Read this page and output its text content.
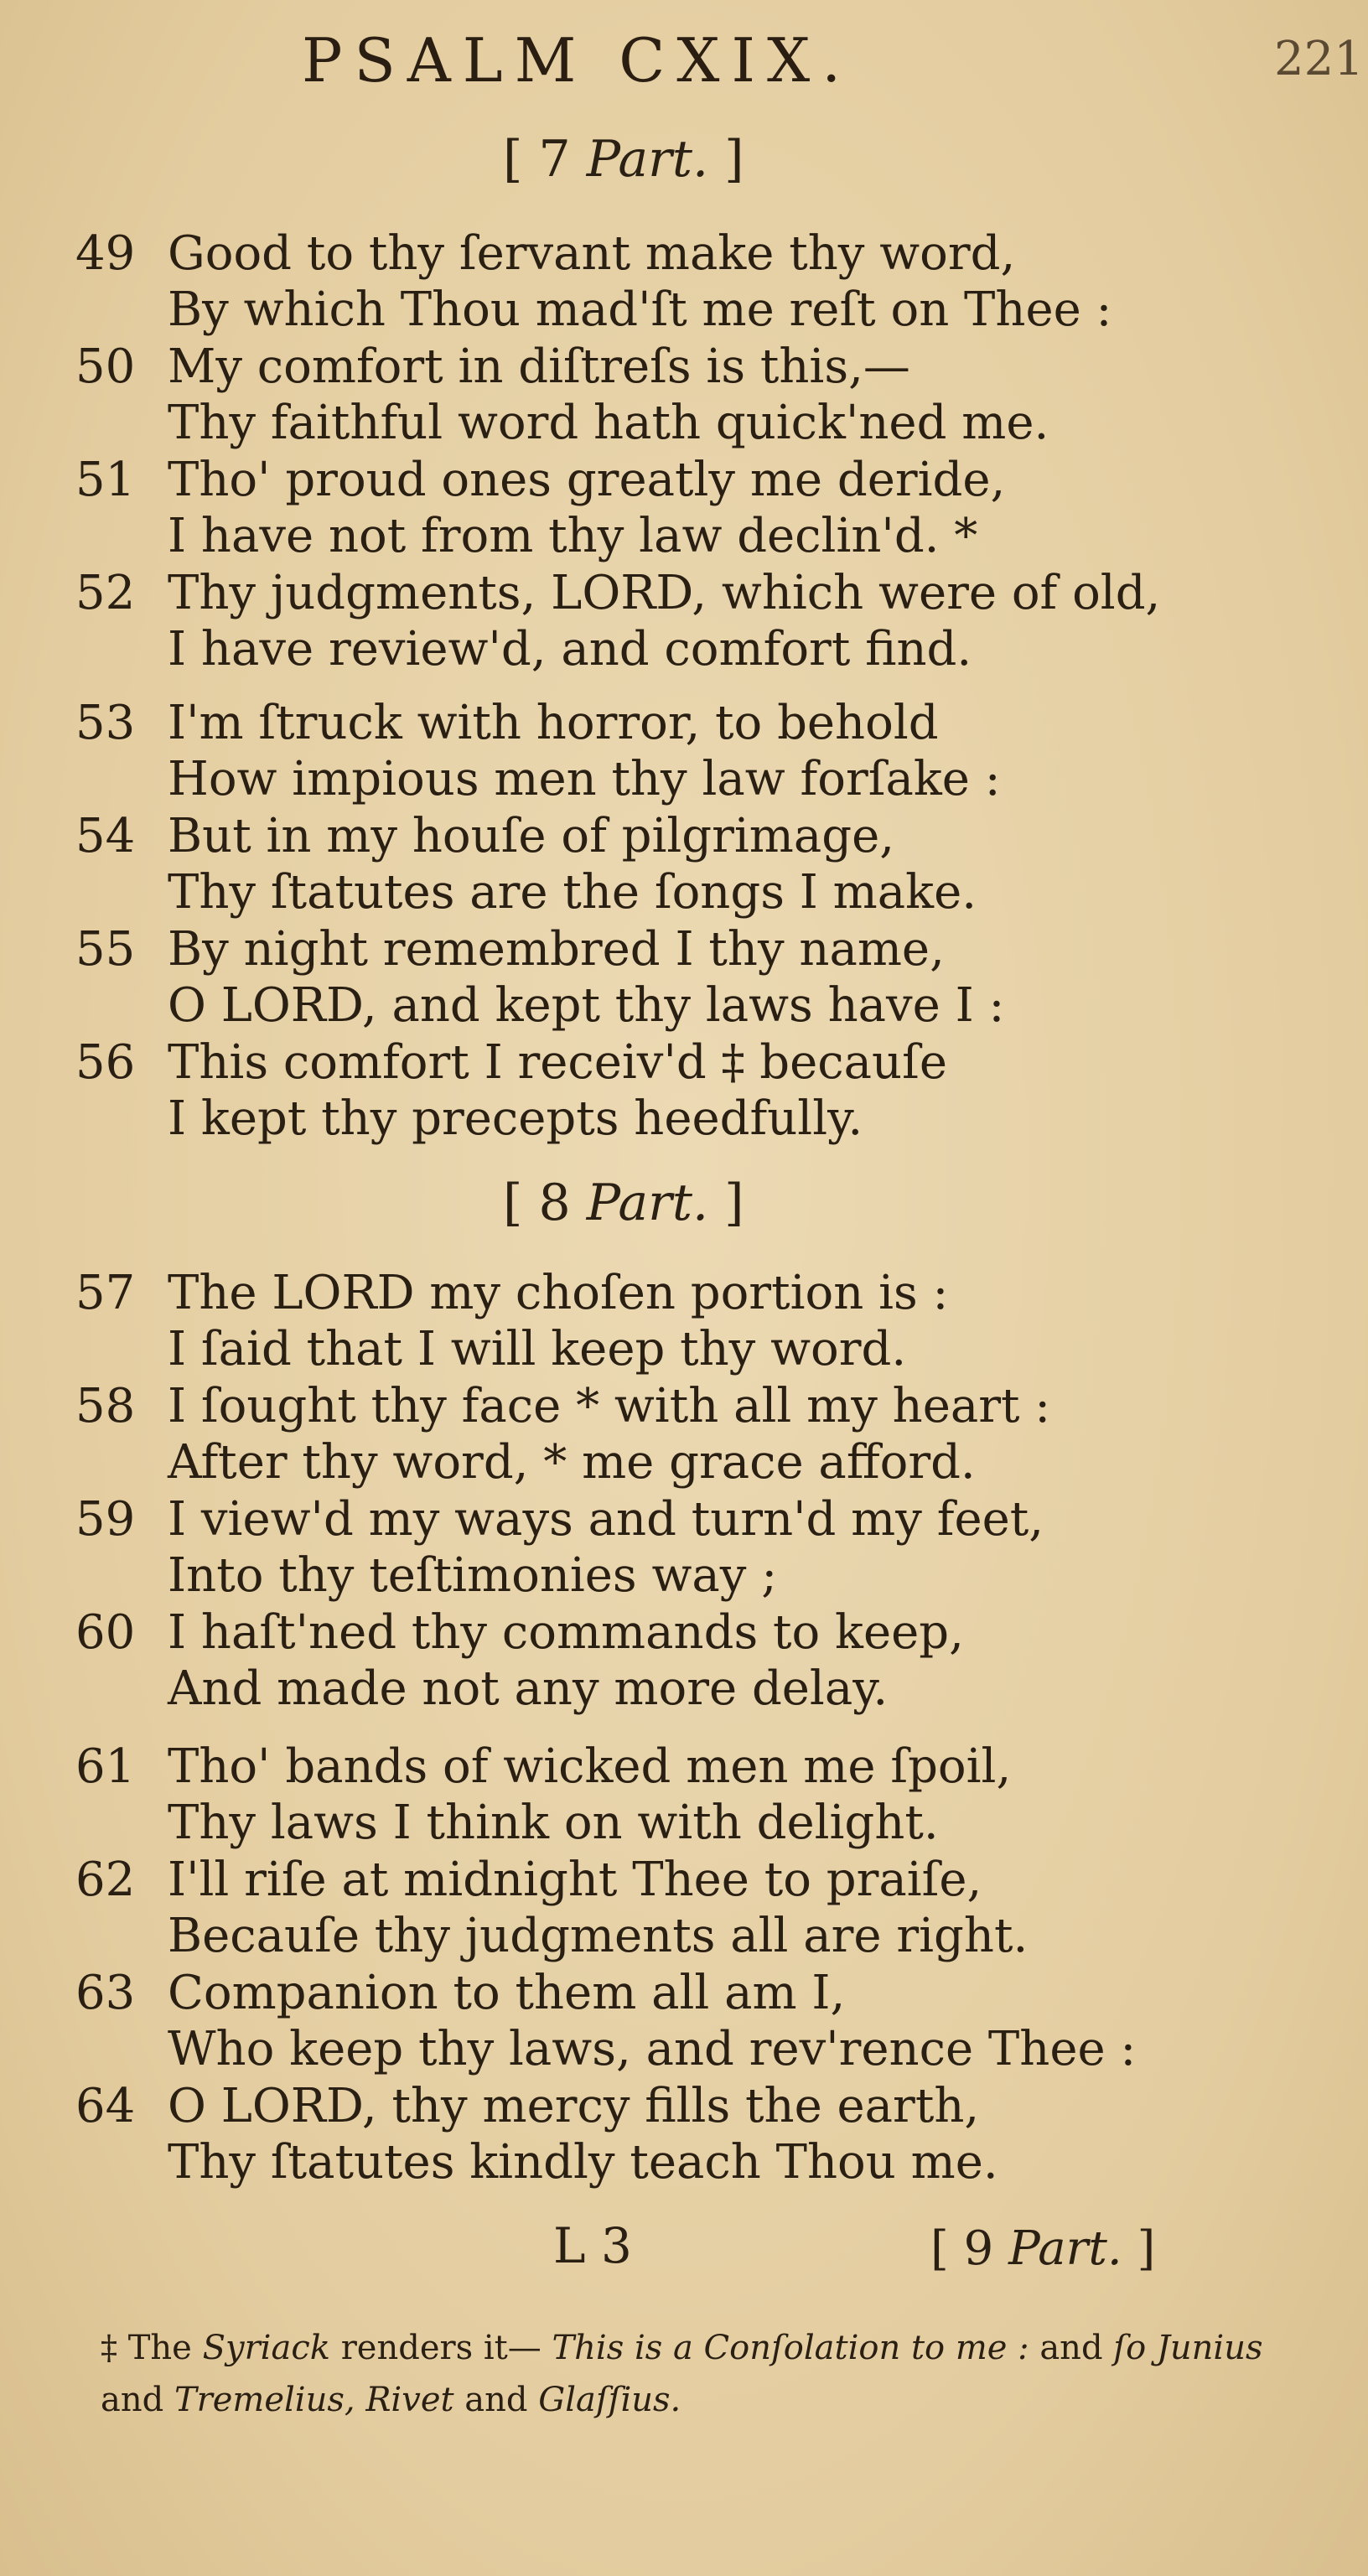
PSALM CXIX.	221
[ 7 Part. ]
49 Good to thy ſervant make thy word,
By which Thou mad'ſt me reſt on Thee :
50 My comfort in diſtreſs is this,—
Thy faithful word hath quick'ned me.
51 Tho' proud ones greatly me deride,
I have not from thy law declin'd. *
52 Thy judgments, LORD, which were of old,
I have review'd, and comfort find.
53 I'm ſtruck with horror, to behold
How impious men thy law forſake :
54 But in my houſe of pilgrimage,
Thy ſtatutes are the ſongs I make.
55 By night remembred I thy name,
O LORD, and kept thy laws have I :
56 This comfort I receiv'd ‡ becauſe
I kept thy precepts heedfully.
[ 8 Part. ]
57 The LORD my choſen portion is :
I ſaid that I will keep thy word.
58 I ſought thy face * with all my heart :
After thy word, * me grace afford.
59 I view'd my ways and turn'd my feet,
Into thy teſtimonies way ;
60 I haſt'ned thy commands to keep,
And made not any more delay.
61 Tho' bands of wicked men me ſpoil,
Thy laws I think on with delight.
62 I'll riſe at midnight Thee to praiſe,
Becauſe thy judgments all are right.
63 Companion to them all am I,
Who keep thy laws, and rev'rence Thee :
64 O LORD, thy mercy fills the earth,
Thy ſtatutes kindly teach Thou me.
L 3	[ 9 Part. ]
‡ The Syriack renders it— This is a Conſolation to me : and ſo Junius and Tremelius, Rivet and Glaſſius.
